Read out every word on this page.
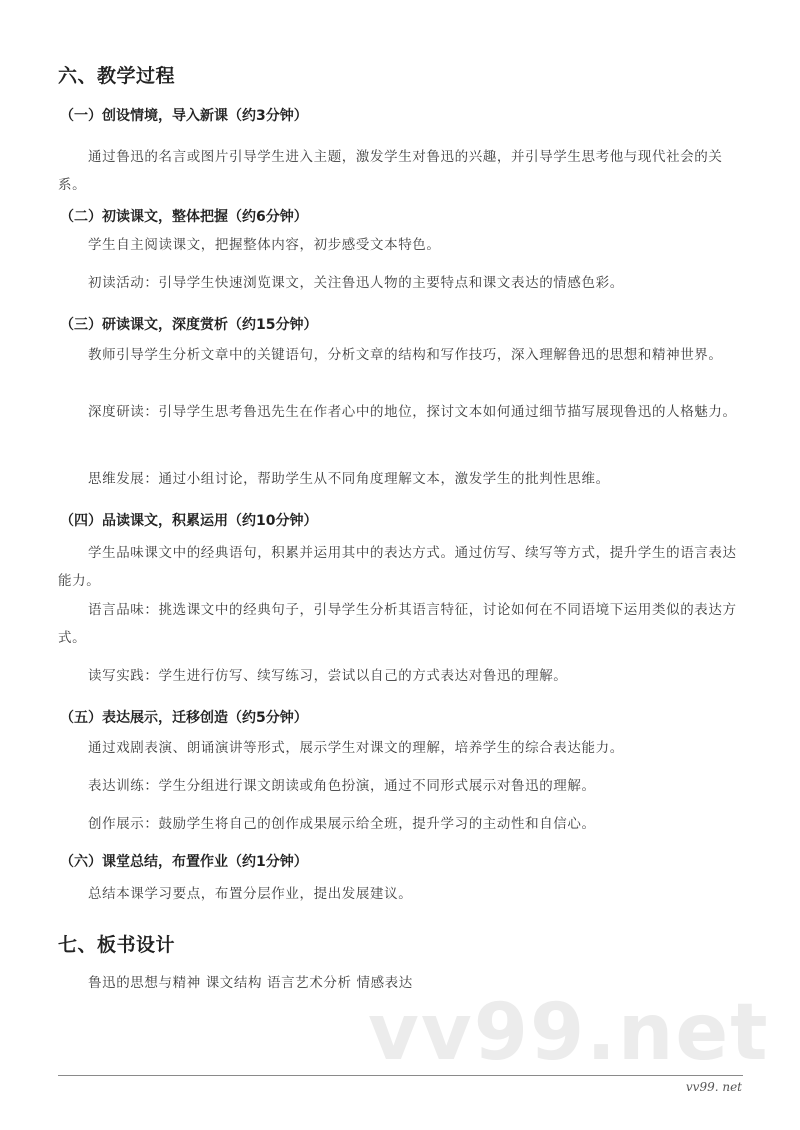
六、教学过程
（一）创设情境，导入新课（约3分钟）

通过鲁迅的名言或图片引导学生进入主题，激发学生对鲁迅的兴趣，并引导学生思考他与现代社会的关系。

（二）初读课文，整体把握（约6分钟）

学生自主阅读课文，把握整体内容，初步感受文本特色。

初读活动：引导学生快速浏览课文，关注鲁迅人物的主要特点和课文表达的情感色彩。

（三）研读课文，深度赏析（约15分钟）

教师引导学生分析文章中的关键语句，分析文章的结构和写作技巧，深入理解鲁迅的思想和精神世界。

深度研读：引导学生思考鲁迅先生在作者心中的地位，探讨文本如何通过细节描写展现鲁迅的人格魅力。

思维发展：通过小组讨论，帮助学生从不同角度理解文本，激发学生的批判性思维。

（四）品读课文，积累运用（约10分钟）

学生品味课文中的经典语句，积累并运用其中的表达方式。通过仿写、续写等方式，提升学生的语言表达能力。

语言品味：挑选课文中的经典句子，引导学生分析其语言特征，讨论如何在不同语境下运用类似的表达方式。

读写实践：学生进行仿写、续写练习，尝试以自己的方式表达对鲁迅的理解。

（五）表达展示，迁移创造（约5分钟）

通过戏剧表演、朗诵演讲等形式，展示学生对课文的理解，培养学生的综合表达能力。

表达训练：学生分组进行课文朗读或角色扮演，通过不同形式展示对鲁迅的理解。

创作展示：鼓励学生将自己的创作成果展示给全班，提升学习的主动性和自信心。

（六）课堂总结，布置作业（约1分钟）

总结本课学习要点，布置分层作业，提出发展建议。

七、板书设计

鲁迅的思想与精神 课文结构 语言艺术分析 情感表达

vv99.net
vv99. net
